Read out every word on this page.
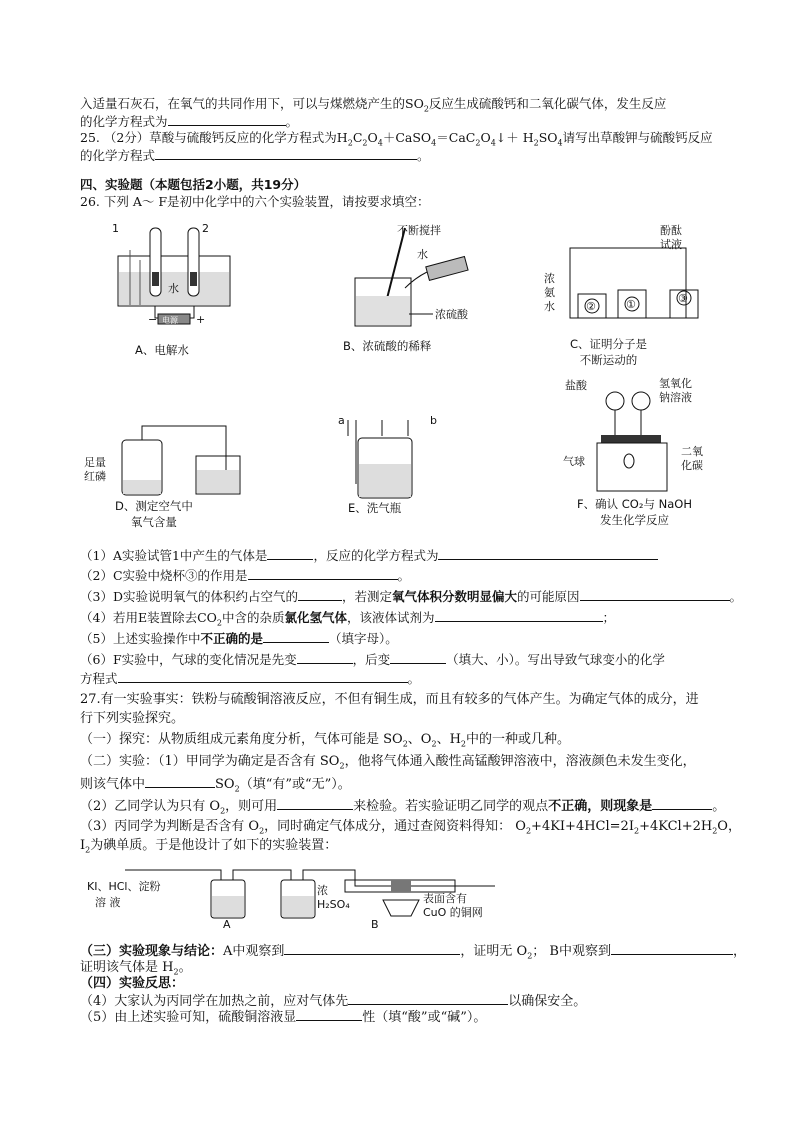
入适量石灰石，在氧气的共同作用下，可以与煤燃烧产生的$SO_2$反应生成硫酸钙和二氧化碳气体，发生反应
的化学方程式为	。
25. （2分）草酸与硫酸钙反应的化学方程式为$H_2C_2O_4+CaSO_4=CaC_2O_4↓+ H_2SO_4$请写出草酸钾与硫酸钙反应
的化学方程式	。
四、实验题（本题包括2小题，共19分）
26. 下列 A～ F是初中化学中的六个实验装置，请按要求填空：
1	2
水
电源
−	+
A、电解水
不断搅拌
水
浓硫酸
B、浓硫酸的稀释
②	①	③
浓
氨
水
酚酞
试液
C、证明分子是
不断运动的
足量
红磷
D、测定空气中
氧气含量
a	b
E、洗气瓶
盐酸	氢氧化
钠溶液
气球
二氧
化碳
F、确认 CO₂与 NaOH
发生化学反应
（1）A实验试管1中产生的气体是	，反应的化学方程式为
（2）C实验中烧杯③的作用是	。
（3）D实验说明氧气的体积约占空气的	，若测定氧气体积分数明显偏大的可能原因	。
（4）若用E装置除去$CO_2$中含的杂质氯化氢气体，该液体试剂为	；
（5）上述实验操作中不正确的是	（填字母）。
（6）F实验中，气球的变化情况是先变	，后变	（填大、小）。写出导致气球变小的化学
方程式	。
27.有一实验事实：铁粉与硫酸铜溶液反应，不但有铜生成，而且有较多的气体产生。为确定气体的成分，进
行下列实验探究。
（一）探究：从物质组成元素角度分析，气体可能是 $SO_2$、$O_2$、$H_2$中的一种或几种。
（二）实验：（1）甲同学为确定是否含有 $SO_2$，他将气体通入酸性高锰酸钾溶液中，溶液颜色未发生变化，
则该气体中	$SO_2$（填“有”或“无”）。
（2）乙同学认为只有 $O_2$，则可用	来检验。若实验证明乙同学的观点不正确，则现象是	。
（3）丙同学为判断是否含有 $O_2$，同时确定气体成分，通过查阅资料得知： $O_2+4KI+4HCl=2I_2+4KCl+2H_2O$，
$I_2$为碘单质。于是他设计了如下的实验装置：
KI、HCl、淀粉
溶 液
浓
H₂SO₄	表面含有
CuO 的铜网
A	B
（三）实验现象与结论：A中观察到	，证明无 $O_2$； B中观察到	，
证明该气体是 $H_2$。
（四）实验反思：
（4）大家认为丙同学在加热之前，应对气体先	以确保安全。
（5）由上述实验可知，硫酸铜溶液显	性（填“酸”或“碱”）。
